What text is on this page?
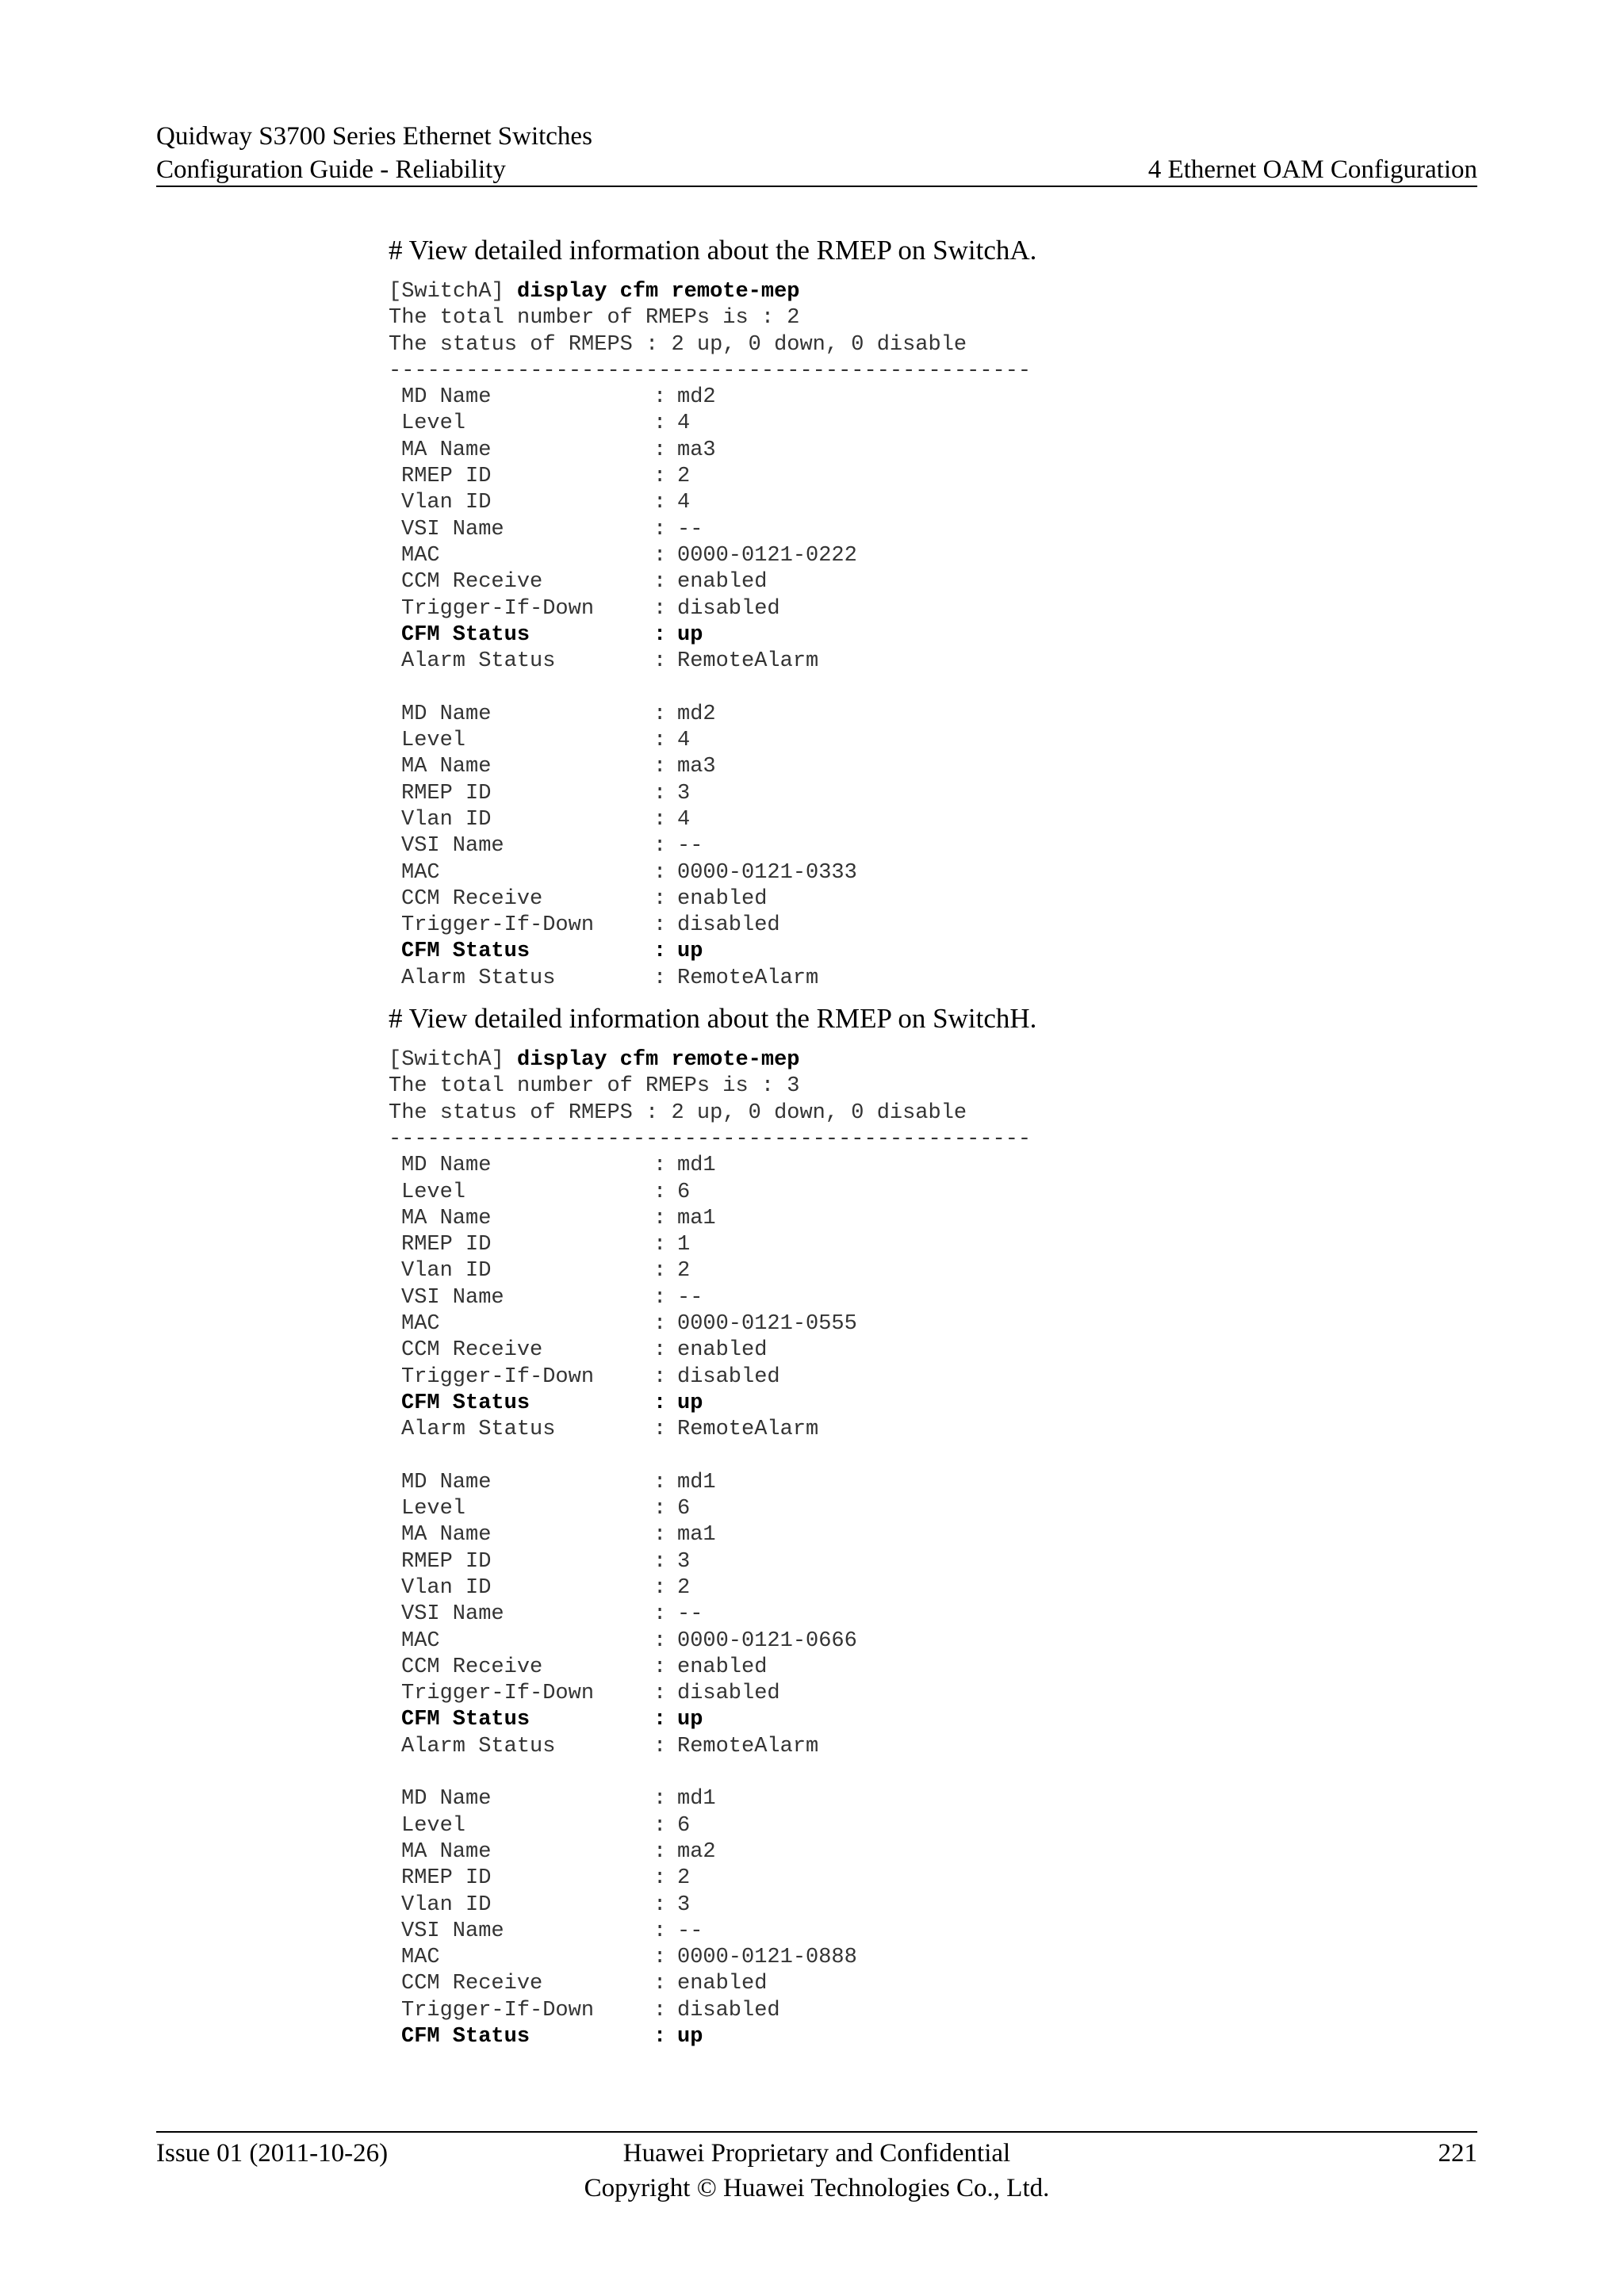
Quidway S3700 Series Ethernet Switches
Configuration Guide - Reliability	4 Ethernet OAM Configuration
# View detailed information about the RMEP on SwitchA.
[SwitchA] display cfm remote-mep
The total number of RMEPs is : 2
The status of RMEPS : 2 up, 0 down, 0 disable
--------------------------------------------------
MD Name	: md2
Level	: 4
MA Name	: ma3
RMEP ID	: 2
Vlan ID	: 4
VSI Name	: --
MAC	: 0000-0121-0222
CCM Receive	: enabled
Trigger-If-Down	: disabled
CFM Status	: up
Alarm Status	: RemoteAlarm
MD Name	: md2
Level	: 4
MA Name	: ma3
RMEP ID	: 3
Vlan ID	: 4
VSI Name	: --
MAC	: 0000-0121-0333
CCM Receive	: enabled
Trigger-If-Down	: disabled
CFM Status	: up
Alarm Status	: RemoteAlarm
# View detailed information about the RMEP on SwitchH.
[SwitchA] display cfm remote-mep
The total number of RMEPs is : 3
The status of RMEPS : 2 up, 0 down, 0 disable
--------------------------------------------------
MD Name	: md1
Level	: 6
MA Name	: ma1
RMEP ID	: 1
Vlan ID	: 2
VSI Name	: --
MAC	: 0000-0121-0555
CCM Receive	: enabled
Trigger-If-Down	: disabled
CFM Status	: up
Alarm Status	: RemoteAlarm
MD Name	: md1
Level	: 6
MA Name	: ma1
RMEP ID	: 3
Vlan ID	: 2
VSI Name	: --
MAC	: 0000-0121-0666
CCM Receive	: enabled
Trigger-If-Down	: disabled
CFM Status	: up
Alarm Status	: RemoteAlarm
MD Name	: md1
Level	: 6
MA Name	: ma2
RMEP ID	: 2
Vlan ID	: 3
VSI Name	: --
MAC	: 0000-0121-0888
CCM Receive	: enabled
Trigger-If-Down	: disabled
CFM Status	: up
Issue 01 (2011-10-26)	Huawei Proprietary and Confidential
Copyright © Huawei Technologies Co., Ltd.
221
